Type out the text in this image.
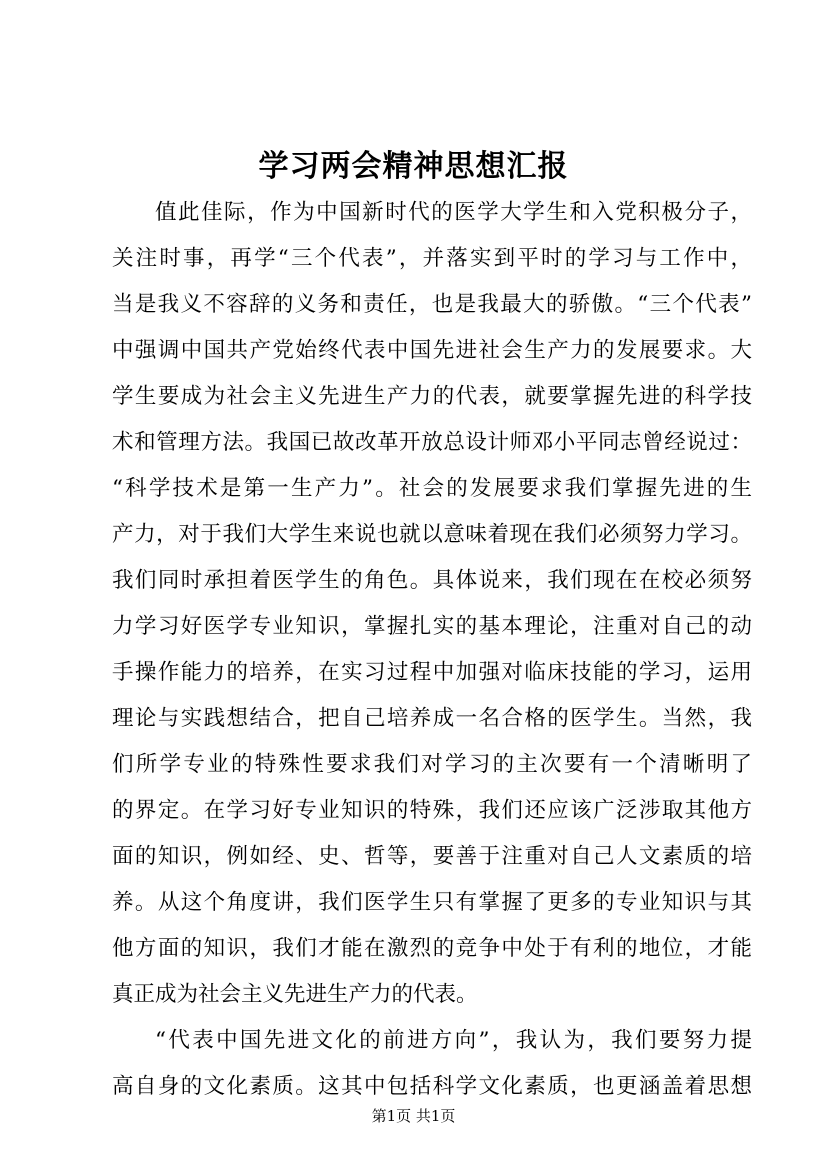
学习两会精神思想汇报
值此佳际，作为中国新时代的医学大学生和入党积极分子，
关注时事，再学“三个代表”，并落实到平时的学习与工作中，
当是我义不容辞的义务和责任，也是我最大的骄傲。“三个代表”
中强调中国共产党始终代表中国先进社会生产力的发展要求。大
学生要成为社会主义先进生产力的代表，就要掌握先进的科学技
术和管理方法。我国已故改革开放总设计师邓小平同志曾经说过：
“科学技术是第一生产力”。社会的发展要求我们掌握先进的生
产力，对于我们大学生来说也就以意味着现在我们必须努力学习。
我们同时承担着医学生的角色。具体说来，我们现在在校必须努
力学习好医学专业知识，掌握扎实的基本理论，注重对自己的动
手操作能力的培养，在实习过程中加强对临床技能的学习，运用
理论与实践想结合，把自己培养成一名合格的医学生。当然，我
们所学专业的特殊性要求我们对学习的主次要有一个清晰明了
的界定。在学习好专业知识的特殊，我们还应该广泛涉取其他方
面的知识，例如经、史、哲等，要善于注重对自己人文素质的培
养。从这个角度讲，我们医学生只有掌握了更多的专业知识与其
他方面的知识，我们才能在激烈的竞争中处于有利的地位，才能
真正成为社会主义先进生产力的代表。
“代表中国先进文化的前进方向”，我认为，我们要努力提
高自身的文化素质。这其中包括科学文化素质，也更涵盖着思想
第1页 共1页
